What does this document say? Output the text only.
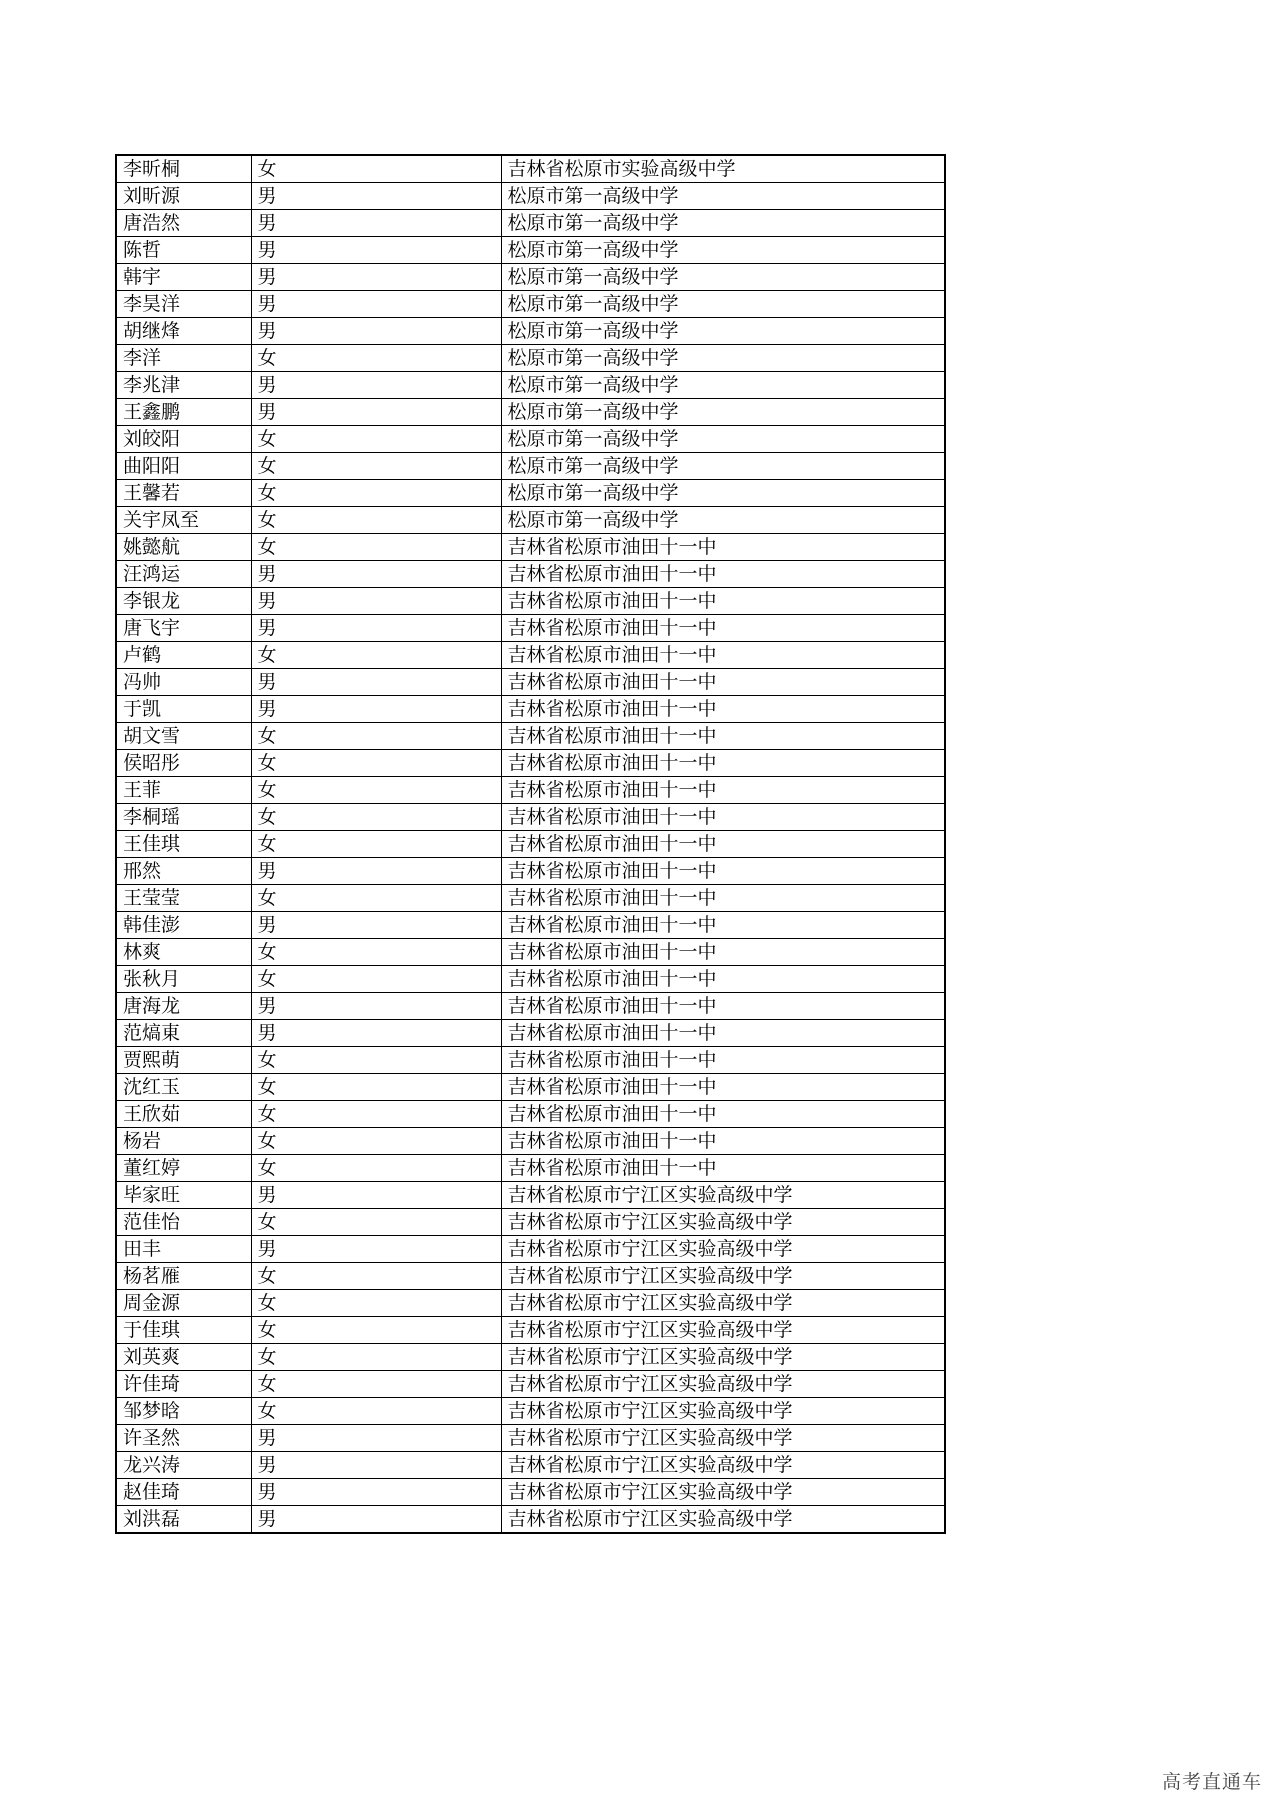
李昕桐	女	吉林省松原市实验高级中学
刘昕源	男	松原市第一高级中学
唐浩然	男	松原市第一高级中学
陈哲	男	松原市第一高级中学
韩宇	男	松原市第一高级中学
李昊洋	男	松原市第一高级中学
胡继烽	男	松原市第一高级中学
李洋	女	松原市第一高级中学
李兆津	男	松原市第一高级中学
王鑫鹏	男	松原市第一高级中学
刘皎阳	女	松原市第一高级中学
曲阳阳	女	松原市第一高级中学
王馨若	女	松原市第一高级中学
关宇凤至	女	松原市第一高级中学
姚懿航	女	吉林省松原市油田十一中
汪鸿运	男	吉林省松原市油田十一中
李银龙	男	吉林省松原市油田十一中
唐飞宇	男	吉林省松原市油田十一中
卢鹤	女	吉林省松原市油田十一中
冯帅	男	吉林省松原市油田十一中
于凯	男	吉林省松原市油田十一中
胡文雪	女	吉林省松原市油田十一中
侯昭彤	女	吉林省松原市油田十一中
王菲	女	吉林省松原市油田十一中
李桐瑶	女	吉林省松原市油田十一中
王佳琪	女	吉林省松原市油田十一中
邢然	男	吉林省松原市油田十一中
王莹莹	女	吉林省松原市油田十一中
韩佳澎	男	吉林省松原市油田十一中
林爽	女	吉林省松原市油田十一中
张秋月	女	吉林省松原市油田十一中
唐海龙	男	吉林省松原市油田十一中
范熇東	男	吉林省松原市油田十一中
贾熙萌	女	吉林省松原市油田十一中
沈红玉	女	吉林省松原市油田十一中
王欣茹	女	吉林省松原市油田十一中
杨岩	女	吉林省松原市油田十一中
董红婷	女	吉林省松原市油田十一中
毕家旺	男	吉林省松原市宁江区实验高级中学
范佳怡	女	吉林省松原市宁江区实验高级中学
田丰	男	吉林省松原市宁江区实验高级中学
杨茗雁	女	吉林省松原市宁江区实验高级中学
周金源	女	吉林省松原市宁江区实验高级中学
于佳琪	女	吉林省松原市宁江区实验高级中学
刘英爽	女	吉林省松原市宁江区实验高级中学
许佳琦	女	吉林省松原市宁江区实验高级中学
邹梦晗	女	吉林省松原市宁江区实验高级中学
许圣然	男	吉林省松原市宁江区实验高级中学
龙兴涛	男	吉林省松原市宁江区实验高级中学
赵佳琦	男	吉林省松原市宁江区实验高级中学
刘洪磊	男	吉林省松原市宁江区实验高级中学
高考直通车
